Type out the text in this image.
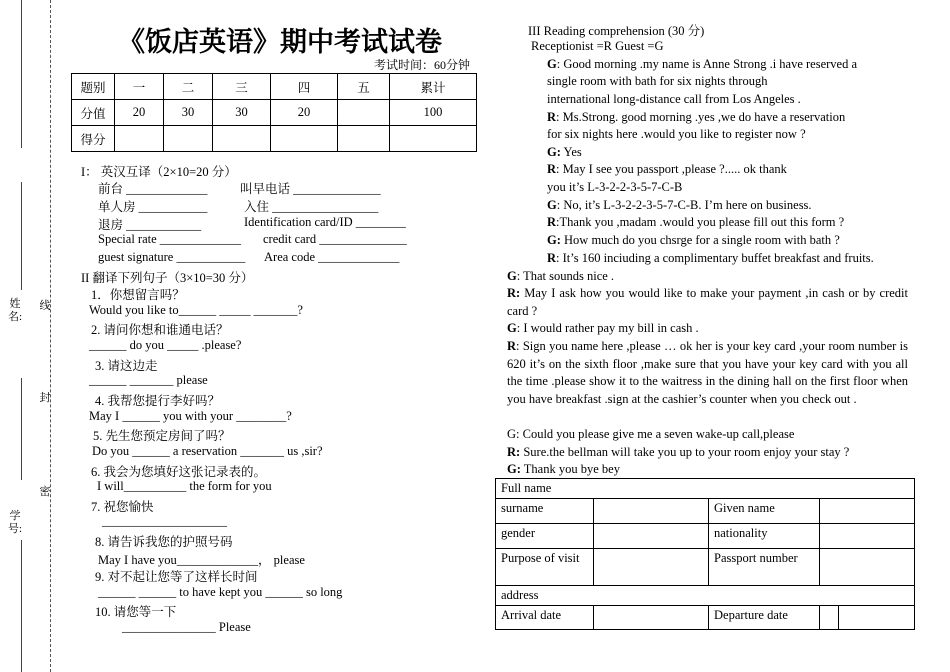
姓名:
学号:
线
封
密
《饭店英语》期中考试试卷
考试时间：60分钟
题别	一	二	三	四	五	累计
分值	20	30	30	20		100
得分						
I： 英汉互译（2×10=20 分）
前台 _____________	叫早电话 ______________
单人房 ___________	入住 _________________
退房 ____________	Identification card/ID ________
Special rate _____________ credit card ______________
guest signature ___________ Area code _____________
II 翻译下列句子（3×10=30 分）
1．你想留言吗？
Would you like to______ _____ _______?
2. 请问你想和谁通电话？
______ do you _____ .please?
3. 请这边走
______ _______ please
4. 我帮您提行李好吗？
May I ______ you with your ________?
5. 先生您预定房间了吗？
Do you ______ a reservation _______ us ,sir?
6. 我会为您填好这张记录表的。
I will__________ the form for you
7. 祝您愉快
____________________
8. 请告诉我您的护照号码
May I have you_____________， please
9. 对不起让您等了这样长时间
______ ______ to have kept you ______ so long
10. 请您等一下
_______________ Please
III Reading comprehension (30 分)
Receptionist =R Guest =G
G: Good morning .my name is Anne Strong .i have reserved a
single room with bath for six nights through
international long-distance call from Los Angeles .
R: Ms.Strong. good morning .yes ,we do have a reservation
for six nights here .would you like to register now ?
G: Yes
R: May I see you passport ,please ?..... ok thank
you it’s L-3-2-2-3-5-7-C-B
G: No, it’s L-3-2-2-3-5-7-C-B. I’m here on business.
R:Thank you ,madam .would you please fill out this form ?
G: How much do you chsrge for a single room with bath ?
R: It’s 160 inciuding a complimentary buffet breakfast and fruits.
G: That sounds nice .
R: May I ask how you would like to make your payment ,in cash or by credit card ?
G: I would rather pay my bill in cash .
R: Sign you name here ,please … ok her is your key card ,your room number is 620 it’s on the sixth floor ,make sure that you have your key card with you all the time .please show it to the waitress in the dining hall on the first floor when you have breakfast .sign at the cashier’s counter when you check out .
G: Could you please give me a seven wake-up call,please
R: Sure.the bellman will take you up to your room enjoy your stay ?
G: Thank you bye bey
Full name				
surname		Given name		
gender		nationality		
Purpose of visit		Passport number		
address				
Arrival date		Departure date		
